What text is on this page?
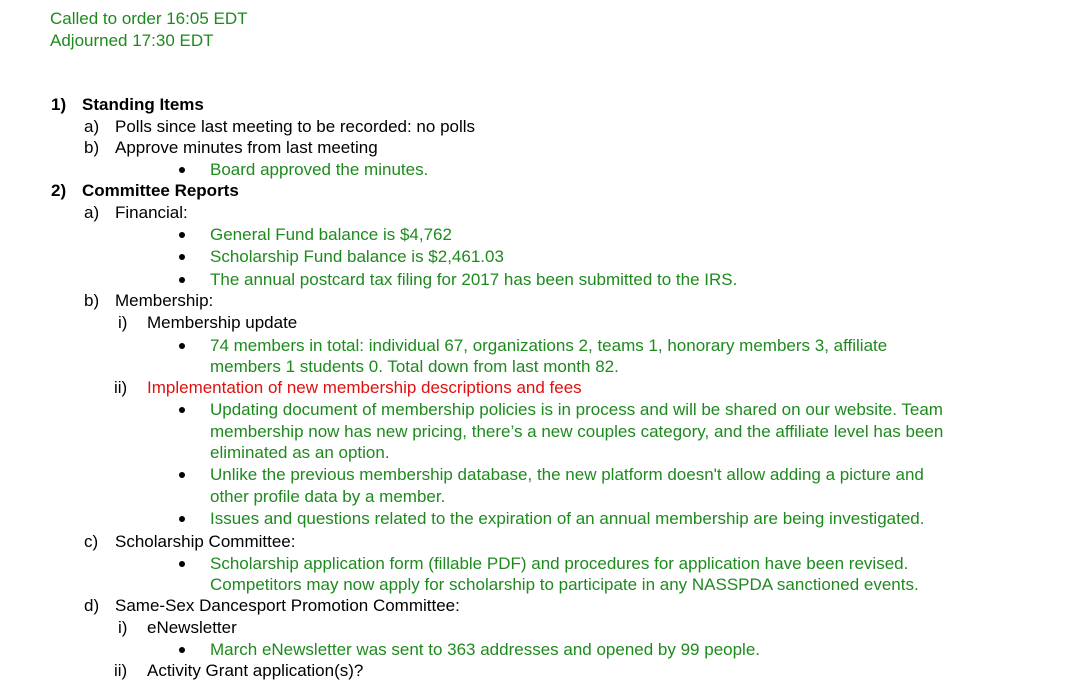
Called to order 16:05 EDT
Adjourned 17:30 EDT
1) Standing Items
a) Polls since last meeting to be recorded: no polls
b) Approve minutes from last meeting
Board approved the minutes.
2) Committee Reports
a) Financial:
General Fund balance is $4,762
Scholarship Fund balance is $2,461.03
The annual postcard tax filing for 2017 has been submitted to the IRS.
b) Membership:
i) Membership update
74 members in total: individual 67, organizations 2, teams 1, honorary members 3, affiliate
members 1 students 0. Total down from last month 82.
ii) Implementation of new membership descriptions and fees
Updating document of membership policies is in process and will be shared on our website. Team
membership now has new pricing, there’s a new couples category, and the affiliate level has been
eliminated as an option.
Unlike the previous membership database, the new platform doesn't allow adding a picture and
other profile data by a member.
Issues and questions related to the expiration of an annual membership are being investigated.
c) Scholarship Committee:
Scholarship application form (fillable PDF) and procedures for application have been revised.
Competitors may now apply for scholarship to participate in any NASSPDA sanctioned events.
d) Same-Sex Dancesport Promotion Committee:
i) eNewsletter
March eNewsletter was sent to 363 addresses and opened by 99 people.
ii) Activity Grant application(s)?
